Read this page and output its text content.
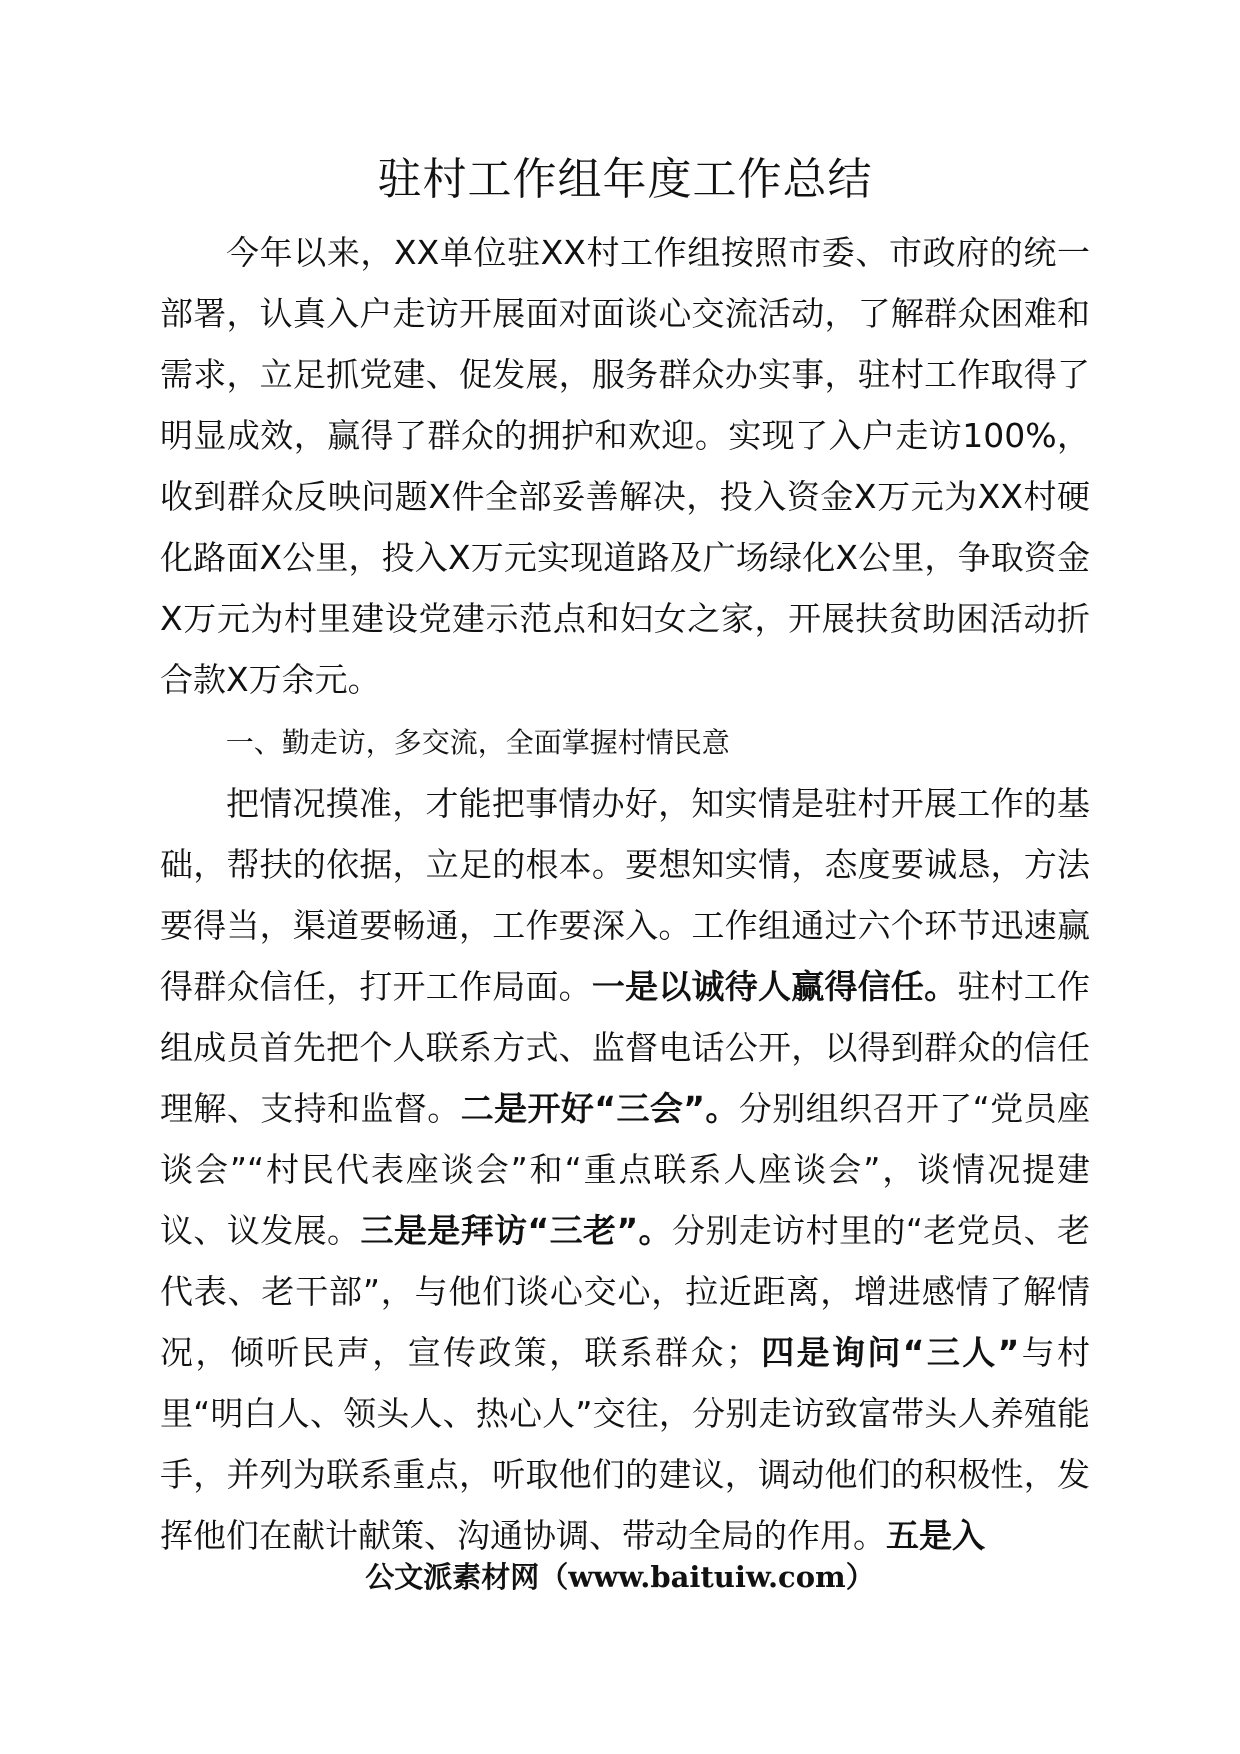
驻村工作组年度工作总结

今年以来，XX单位驻XX村工作组按照市委、市政府的统一部署，认真入户走访开展面对面谈心交流活动，了解群众困难和需求，立足抓党建、促发展，服务群众办实事，驻村工作取得了明显成效，赢得了群众的拥护和欢迎。实现了入户走访100%，收到群众反映问题X件全部妥善解决，投入资金X万元为XX村硬化路面X公里，投入X万元实现道路及广场绿化X公里，争取资金X万元为村里建设党建示范点和妇女之家，开展扶贫助困活动折合款X万余元。

一、勤走访，多交流，全面掌握村情民意

把情况摸准，才能把事情办好，知实情是驻村开展工作的基础，帮扶的依据，立足的根本。要想知实情，态度要诚恳，方法要得当，渠道要畅通，工作要深入。工作组通过六个环节迅速赢得群众信任，打开工作局面。一是以诚待人赢得信任。驻村工作组成员首先把个人联系方式、监督电话公开，以得到群众的信任理解、支持和监督。二是开好“三会”。分别组织召开了“党员座谈会”“村民代表座谈会”和“重点联系人座谈会”，谈情况提建议、议发展。三是是拜访“三老”。分别走访村里的“老党员、老代表、老干部”，与他们谈心交心，拉近距离，增进感情了解情况，倾听民声，宣传政策，联系群众；四是询问“三人”与村里“明白人、领头人、热心人”交往，分别走访致富带头人养殖能手，并列为联系重点，听取他们的建议，调动他们的积极性，发挥他们在献计献策、沟通协调、带动全局的作用。五是入

公文派素材网（www.baituiw.com）
